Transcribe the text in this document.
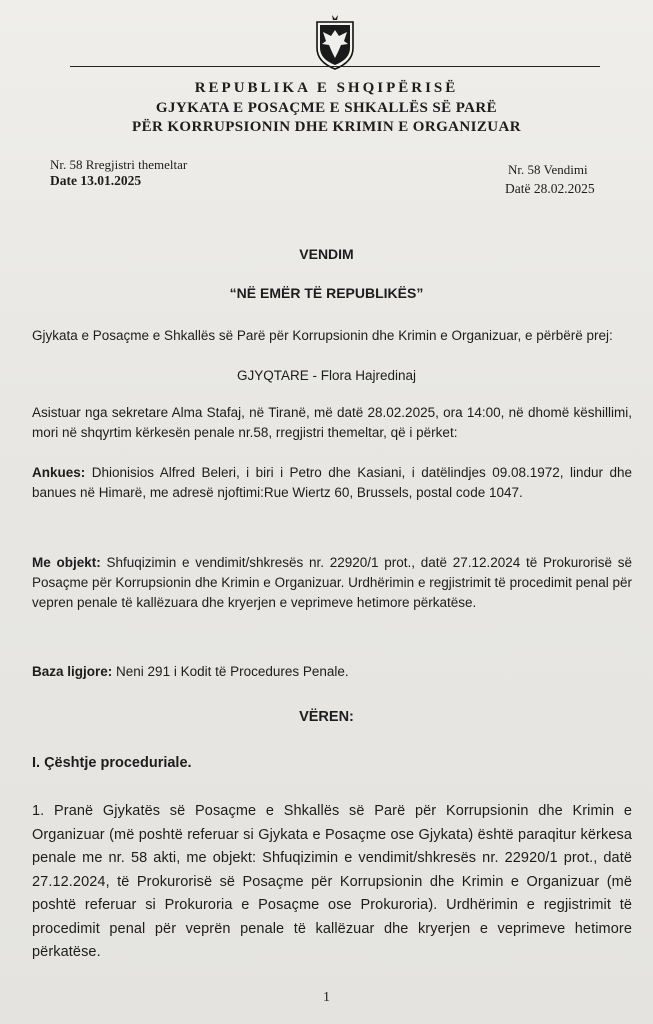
REPUBLIKA E SHQIPËRISË
GJYKATA E POSAÇME E SHKALLËS SË PARË
PËR KORRUPSIONIN DHE KRIMIN E ORGANIZUAR
Nr. 58 Rregjistri themeltar
Date 13.01.2025
Nr. 58 Vendimi
Datë 28.02.2025
VENDIM
“NË EMËR TË REPUBLIKËS”
Gjykata e Posaçme e Shkallës së Parë për Korrupsionin dhe Krimin e Organizuar, e përbërë prej:
GJYQTARE - Flora Hajredinaj
Asistuar nga sekretare Alma Stafaj, në Tiranë, më datë 28.02.2025, ora 14:00, në dhomë këshillimi, mori në shqyrtim kërkesën penale nr.58, rregjistri themeltar, që i përket:
Ankues: Dhionisios Alfred Beleri, i biri i Petro dhe Kasiani, i datëlindjes 09.08.1972, lindur dhe banues në Himarë, me adresë njoftimi:Rue Wiertz 60, Brussels, postal code 1047.
Me objekt: Shfuqizimin e vendimit/shkresës nr. 22920/1 prot., datë 27.12.2024 të Prokurorisë së Posaçme për Korrupsionin dhe Krimin e Organizuar. Urdhërimin e regjistrimit të procedimit penal për vepren penale të kallëzuara dhe kryerjen e veprimeve hetimore përkatëse.
Baza ligjore: Neni 291 i Kodit të Procedures Penale.
VËREN:
I. Çështje proceduriale.
1. Pranë Gjykatës së Posaçme e Shkallës së Parë për Korrupsionin dhe Krimin e Organizuar (më poshtë referuar si Gjykata e Posaçme ose Gjykata) është paraqitur kërkesa penale me nr. 58 akti, me objekt: Shfuqizimin e vendimit/shkresës nr. 22920/1 prot., datë 27.12.2024, të Prokurorisë së Posaçme për Korrupsionin dhe Krimin e Organizuar (më poshtë referuar si Prokuroria e Posaçme ose Prokuroria). Urdhërimin e regjistrimit të procedimit penal për veprën penale të kallëzuar dhe kryerjen e veprimeve hetimore përkatëse.
1
